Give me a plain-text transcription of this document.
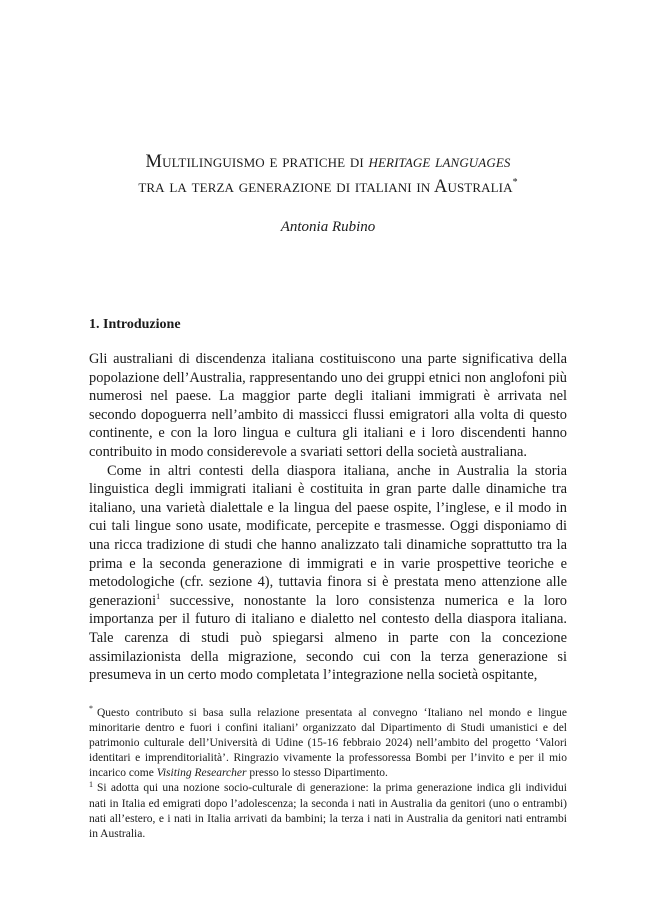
Multilinguismo e pratiche di heritage languages
tra la terza generazione di italiani in Australia*
Antonia Rubino
1. Introduzione

Gli australiani di discendenza italiana costituiscono una parte significativa della popolazione dell’Australia, rappresentando uno dei gruppi etnici non anglofoni più numerosi nel paese. La maggior parte degli italiani immigrati è arrivata nel secondo dopoguerra nell’ambito di massicci flussi emigratori alla volta di questo continente, e con la loro lingua e cultura gli italiani e i loro discendenti hanno contribuito in modo considerevole a svariati settori della società australiana.

Come in altri contesti della diaspora italiana, anche in Australia la storia linguistica degli immigrati italiani è costituita in gran parte dalle dinamiche tra italiano, una varietà dialettale e la lingua del paese ospite, l’inglese, e il modo in cui tali lingue sono usate, modificate, percepite e trasmesse. Oggi disponiamo di una ricca tradizione di studi che hanno analizzato tali dinamiche soprattutto tra la prima e la seconda generazione di immigrati e in varie prospettive teoriche e metodologiche (cfr. sezione 4), tuttavia finora si è prestata meno attenzione alle generazioni$^1$ successive, nonostante la loro consistenza numerica e la loro importanza per il futuro di italiano e dialetto nel contesto della diaspora italiana. Tale carenza di studi può spiegarsi almeno in parte con la concezione assimilazionista della migrazione, secondo cui con la terza generazione si presumeva in un certo modo completata l’integrazione nella società ospitante,

* Questo contributo si basa sulla relazione presentata al convegno ‘Italiano nel mondo e lingue minoritarie dentro e fuori i confini italiani’ organizzato dal Dipartimento di Studi umanistici e del patrimonio culturale dell’Università di Udine (15-16 febbraio 2024) nell’ambito del progetto ‘Valori identitari e imprenditorialità’. Ringrazio vivamente la professoressa Bombi per l’invito e per il mio incarico come Visiting Researcher presso lo stesso Dipartimento.

$^1$ Si adotta qui una nozione socio-culturale di generazione: la prima generazione indica gli individui nati in Italia ed emigrati dopo l’adolescenza; la seconda i nati in Australia da genitori (uno o entrambi) nati all’estero, e i nati in Italia arrivati da bambini; la terza i nati in Australia da genitori nati entrambi in Australia.
